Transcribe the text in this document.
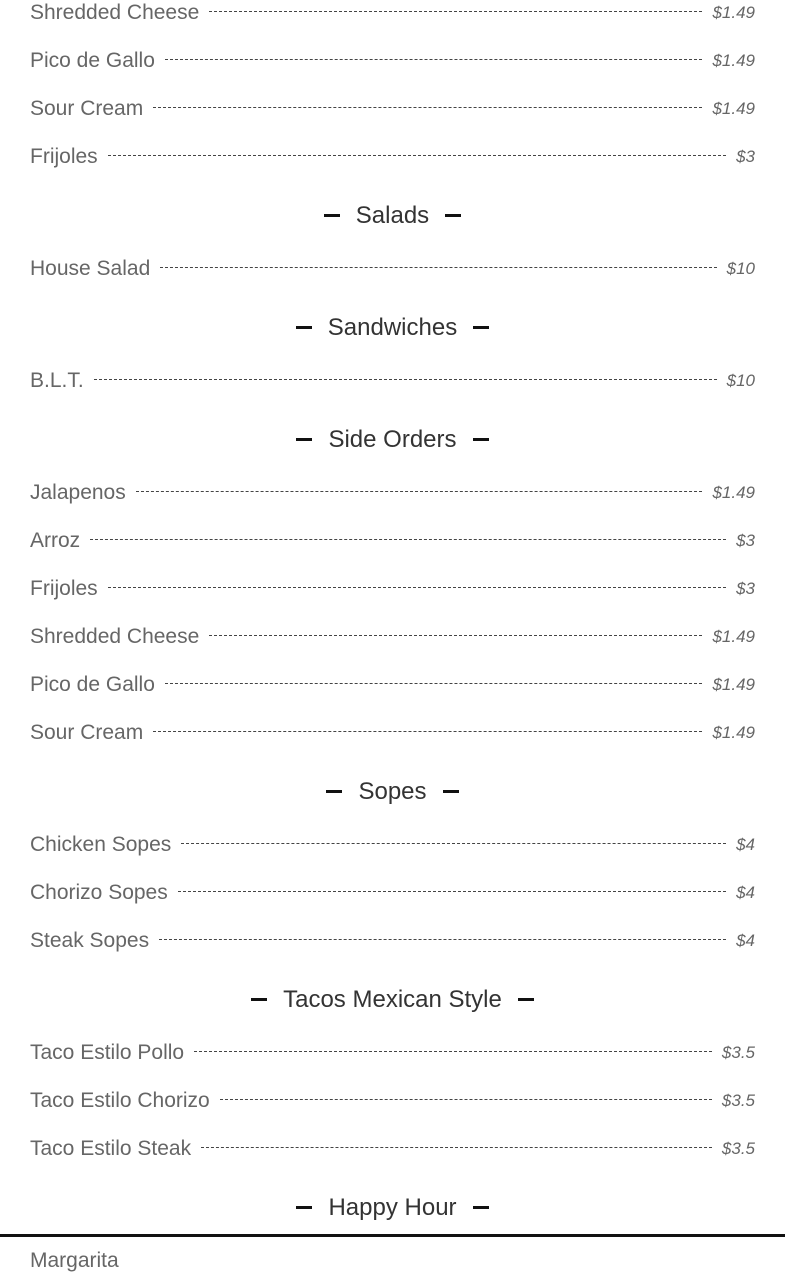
Shredded Cheese	$1.49
Pico de Gallo	$1.49
Sour Cream	$1.49
Frijoles	$3
Salads
House Salad	$10
Sandwiches
B.L.T.	$10
Side Orders
Jalapenos	$1.49
Arroz	$3
Frijoles	$3
Shredded Cheese	$1.49
Pico de Gallo	$1.49
Sour Cream	$1.49
Sopes
Chicken Sopes	$4
Chorizo Sopes	$4
Steak Sopes	$4
Tacos Mexican Style
Taco Estilo Pollo	$3.5
Taco Estilo Chorizo	$3.5
Taco Estilo Steak	$3.5
Happy Hour
Margarita
